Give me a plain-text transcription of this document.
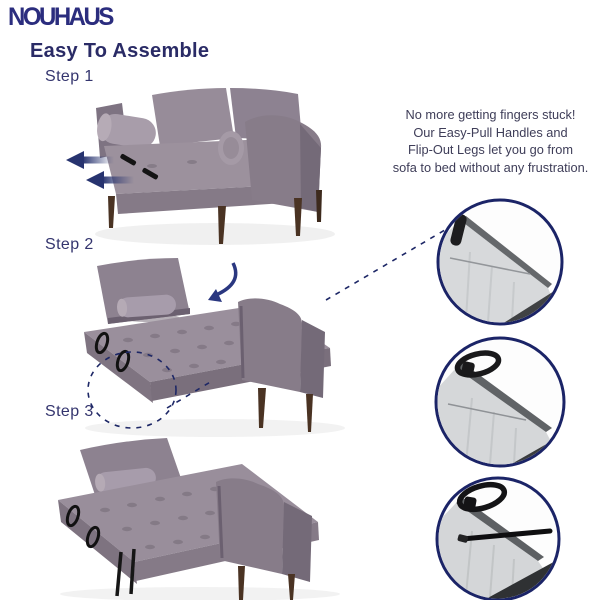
NOUHAUS
Easy To Assemble
Step 1
Step 2
Step 3
No more getting fingers stuck!
Our Easy-Pull Handles and
Flip-Out Legs let you go from
sofa to bed without any frustration.
